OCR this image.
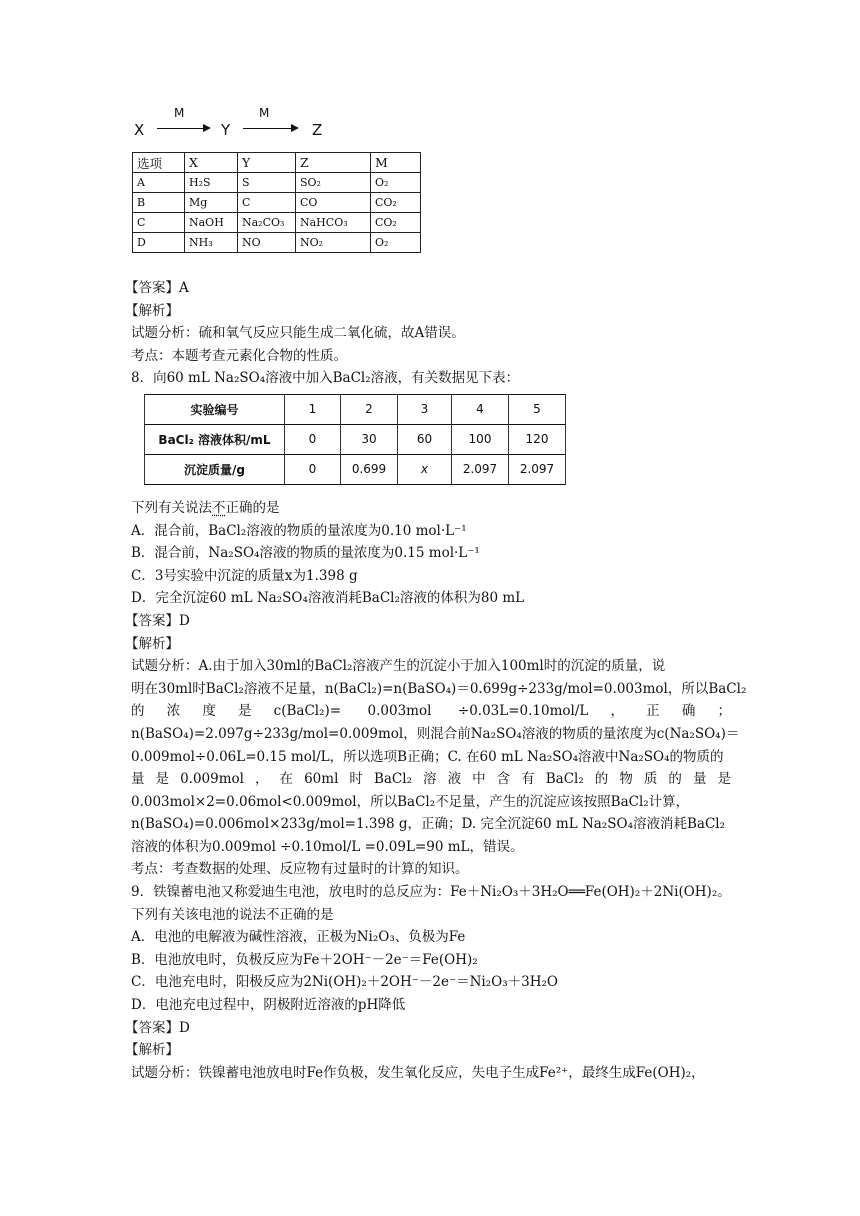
X
M
Y
M
Z
选项	X	Y	Z	M
A	H₂S	S	SO₂	O₂
B	Mg	C	CO	CO₂
C	NaOH	Na₂CO₃	NaHCO₃	CO₂
D	NH₃	NO	NO₂	O₂
【答案】A
【解析】
试题分析：硫和氧气反应只能生成二氧化硫，故A错误。
考点：本题考查元素化合物的性质。
8．向60 mL Na₂SO₄溶液中加入BaCl₂溶液，有关数据见下表：
实验编号	1	2	3	4	5
BaCl₂ 溶液体积/mL	0	30	60	100	120
沉淀质量/g	0	0.699	x	2.097	2.097
下列有关说法不正确的是
A．混合前，BaCl₂溶液的物质的量浓度为0.10 mol·L⁻¹
B．混合前，Na₂SO₄溶液的物质的量浓度为0.15 mol·L⁻¹
C．3号实验中沉淀的质量x为1.398 g
D．完全沉淀60 mL Na₂SO₄溶液消耗BaCl₂溶液的体积为80 mL
【答案】D
【解析】
试题分析：A.由于加入30ml的BaCl₂溶液产生的沉淀小于加入100ml时的沉淀的质量，说
明在30ml时BaCl₂溶液不足量，n(BaCl₂)=n(BaSO₄)＝0.699g÷233g/mol=0.003mol，所以BaCl₂
的浓度是c(BaCl₂)= 0.003mol ÷0.03L=0.10mol/L，正确；
n(BaSO₄)=2.097g÷233g/mol=0.009mol，则混合前Na₂SO₄溶液的物质的量浓度为c(Na₂SO₄)＝
0.009mol÷0.06L=0.15 mol/L，所以选项B正确；C. 在60 mL Na₂SO₄溶液中Na₂SO₄的物质的
量是0.009mol，在60ml时BaCl₂溶液中含有BaCl₂的物质的量是
0.003mol×2=0.06mol<0.009mol，所以BaCl₂不足量，产生的沉淀应该按照BaCl₂计算，
n(BaSO₄)=0.006mol×233g/mol=1.398 g，正确；D. 完全沉淀60 mL Na₂SO₄溶液消耗BaCl₂
溶液的体积为0.009mol ÷0.10mol/L =0.09L=90 mL，错误。
考点：考查数据的处理、反应物有过量时的计算的知识。
9．铁镍蓄电池又称爱迪生电池，放电时的总反应为：Fe＋Ni₂O₃＋3H₂O══Fe(OH)₂＋2Ni(OH)₂。
下列有关该电池的说法不正确的是
A．电池的电解液为碱性溶液，正极为Ni₂O₃、负极为Fe
B．电池放电时，负极反应为Fe＋2OH⁻－2e⁻＝Fe(OH)₂
C．电池充电时，阳极反应为2Ni(OH)₂＋2OH⁻－2e⁻＝Ni₂O₃＋3H₂O
D．电池充电过程中，阴极附近溶液的pH降低
【答案】D
【解析】
试题分析：铁镍蓄电池放电时Fe作负极，发生氧化反应，失电子生成Fe²⁺，最终生成Fe(OH)₂，
